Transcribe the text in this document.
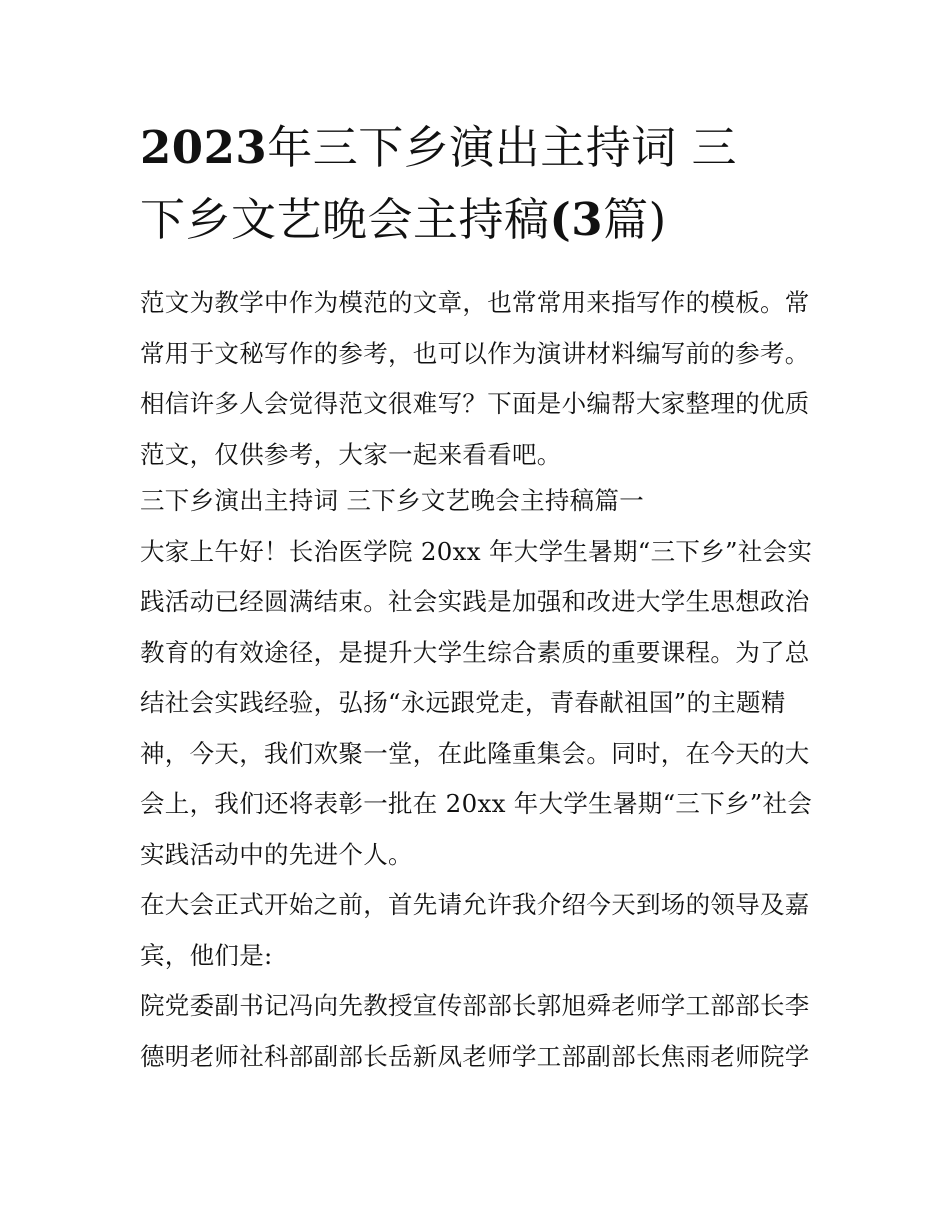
2023年三下乡演出主持词 三
下乡文艺晚会主持稿(3篇)
范文为教学中作为模范的文章，也常常用来指写作的模板。常
常用于文秘写作的参考，也可以作为演讲材料编写前的参考。
相信许多人会觉得范文很难写？下面是小编帮大家整理的优质
范文，仅供参考，大家一起来看看吧。
三下乡演出主持词 三下乡文艺晚会主持稿篇一
大家上午好！长治医学院 20xx 年大学生暑期“三下乡”社会实
践活动已经圆满结束。社会实践是加强和改进大学生思想政治
教育的有效途径，是提升大学生综合素质的重要课程。为了总
结社会实践经验，弘扬“永远跟党走，青春献祖国”的主题精
神，今天，我们欢聚一堂，在此隆重集会。同时，在今天的大
会上，我们还将表彰一批在 20xx 年大学生暑期“三下乡”社会
实践活动中的先进个人。
在大会正式开始之前，首先请允许我介绍今天到场的领导及嘉
宾，他们是:
院党委副书记冯向先教授宣传部部长郭旭舜老师学工部部长李
德明老师社科部副部长岳新凤老师学工部副部长焦雨老师院学
